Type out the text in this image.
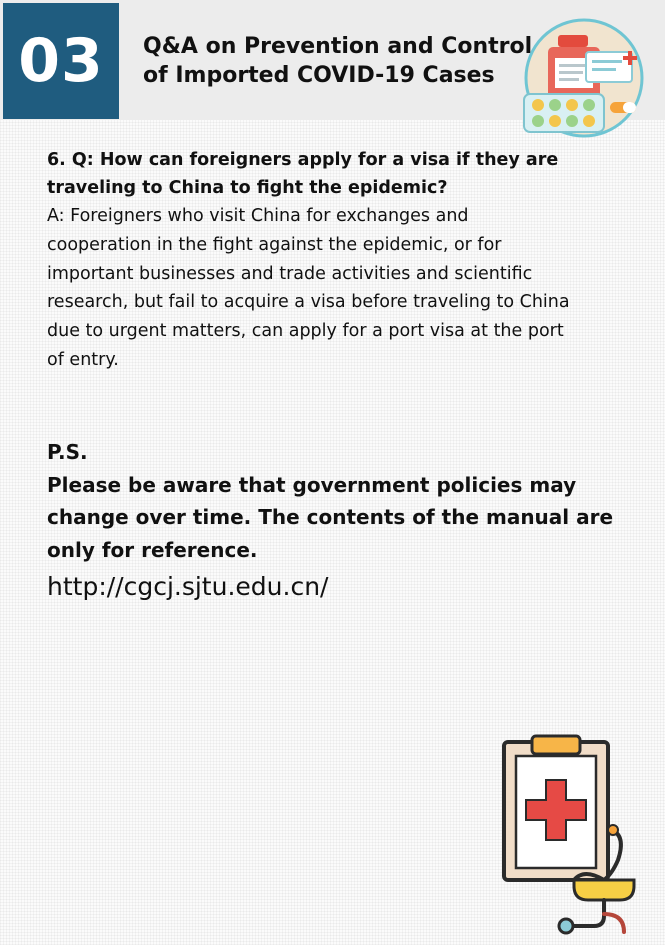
03	Q&A on Prevention and Control
of Imported COVID-19 Cases

6. Q: How can foreigners apply for a visa if they are
traveling to China to fight the epidemic?

A: Foreigners who visit China for exchanges and
cooperation in the fight against the epidemic, or for
important businesses and trade activities and scientific
research, but fail to acquire a visa before traveling to China
due to urgent matters, can apply for a port visa at the port
of entry.

P.S.

Please be aware that government policies may
change over time. The contents of the manual are
only for reference.

http://cgcj.sjtu.edu.cn/
